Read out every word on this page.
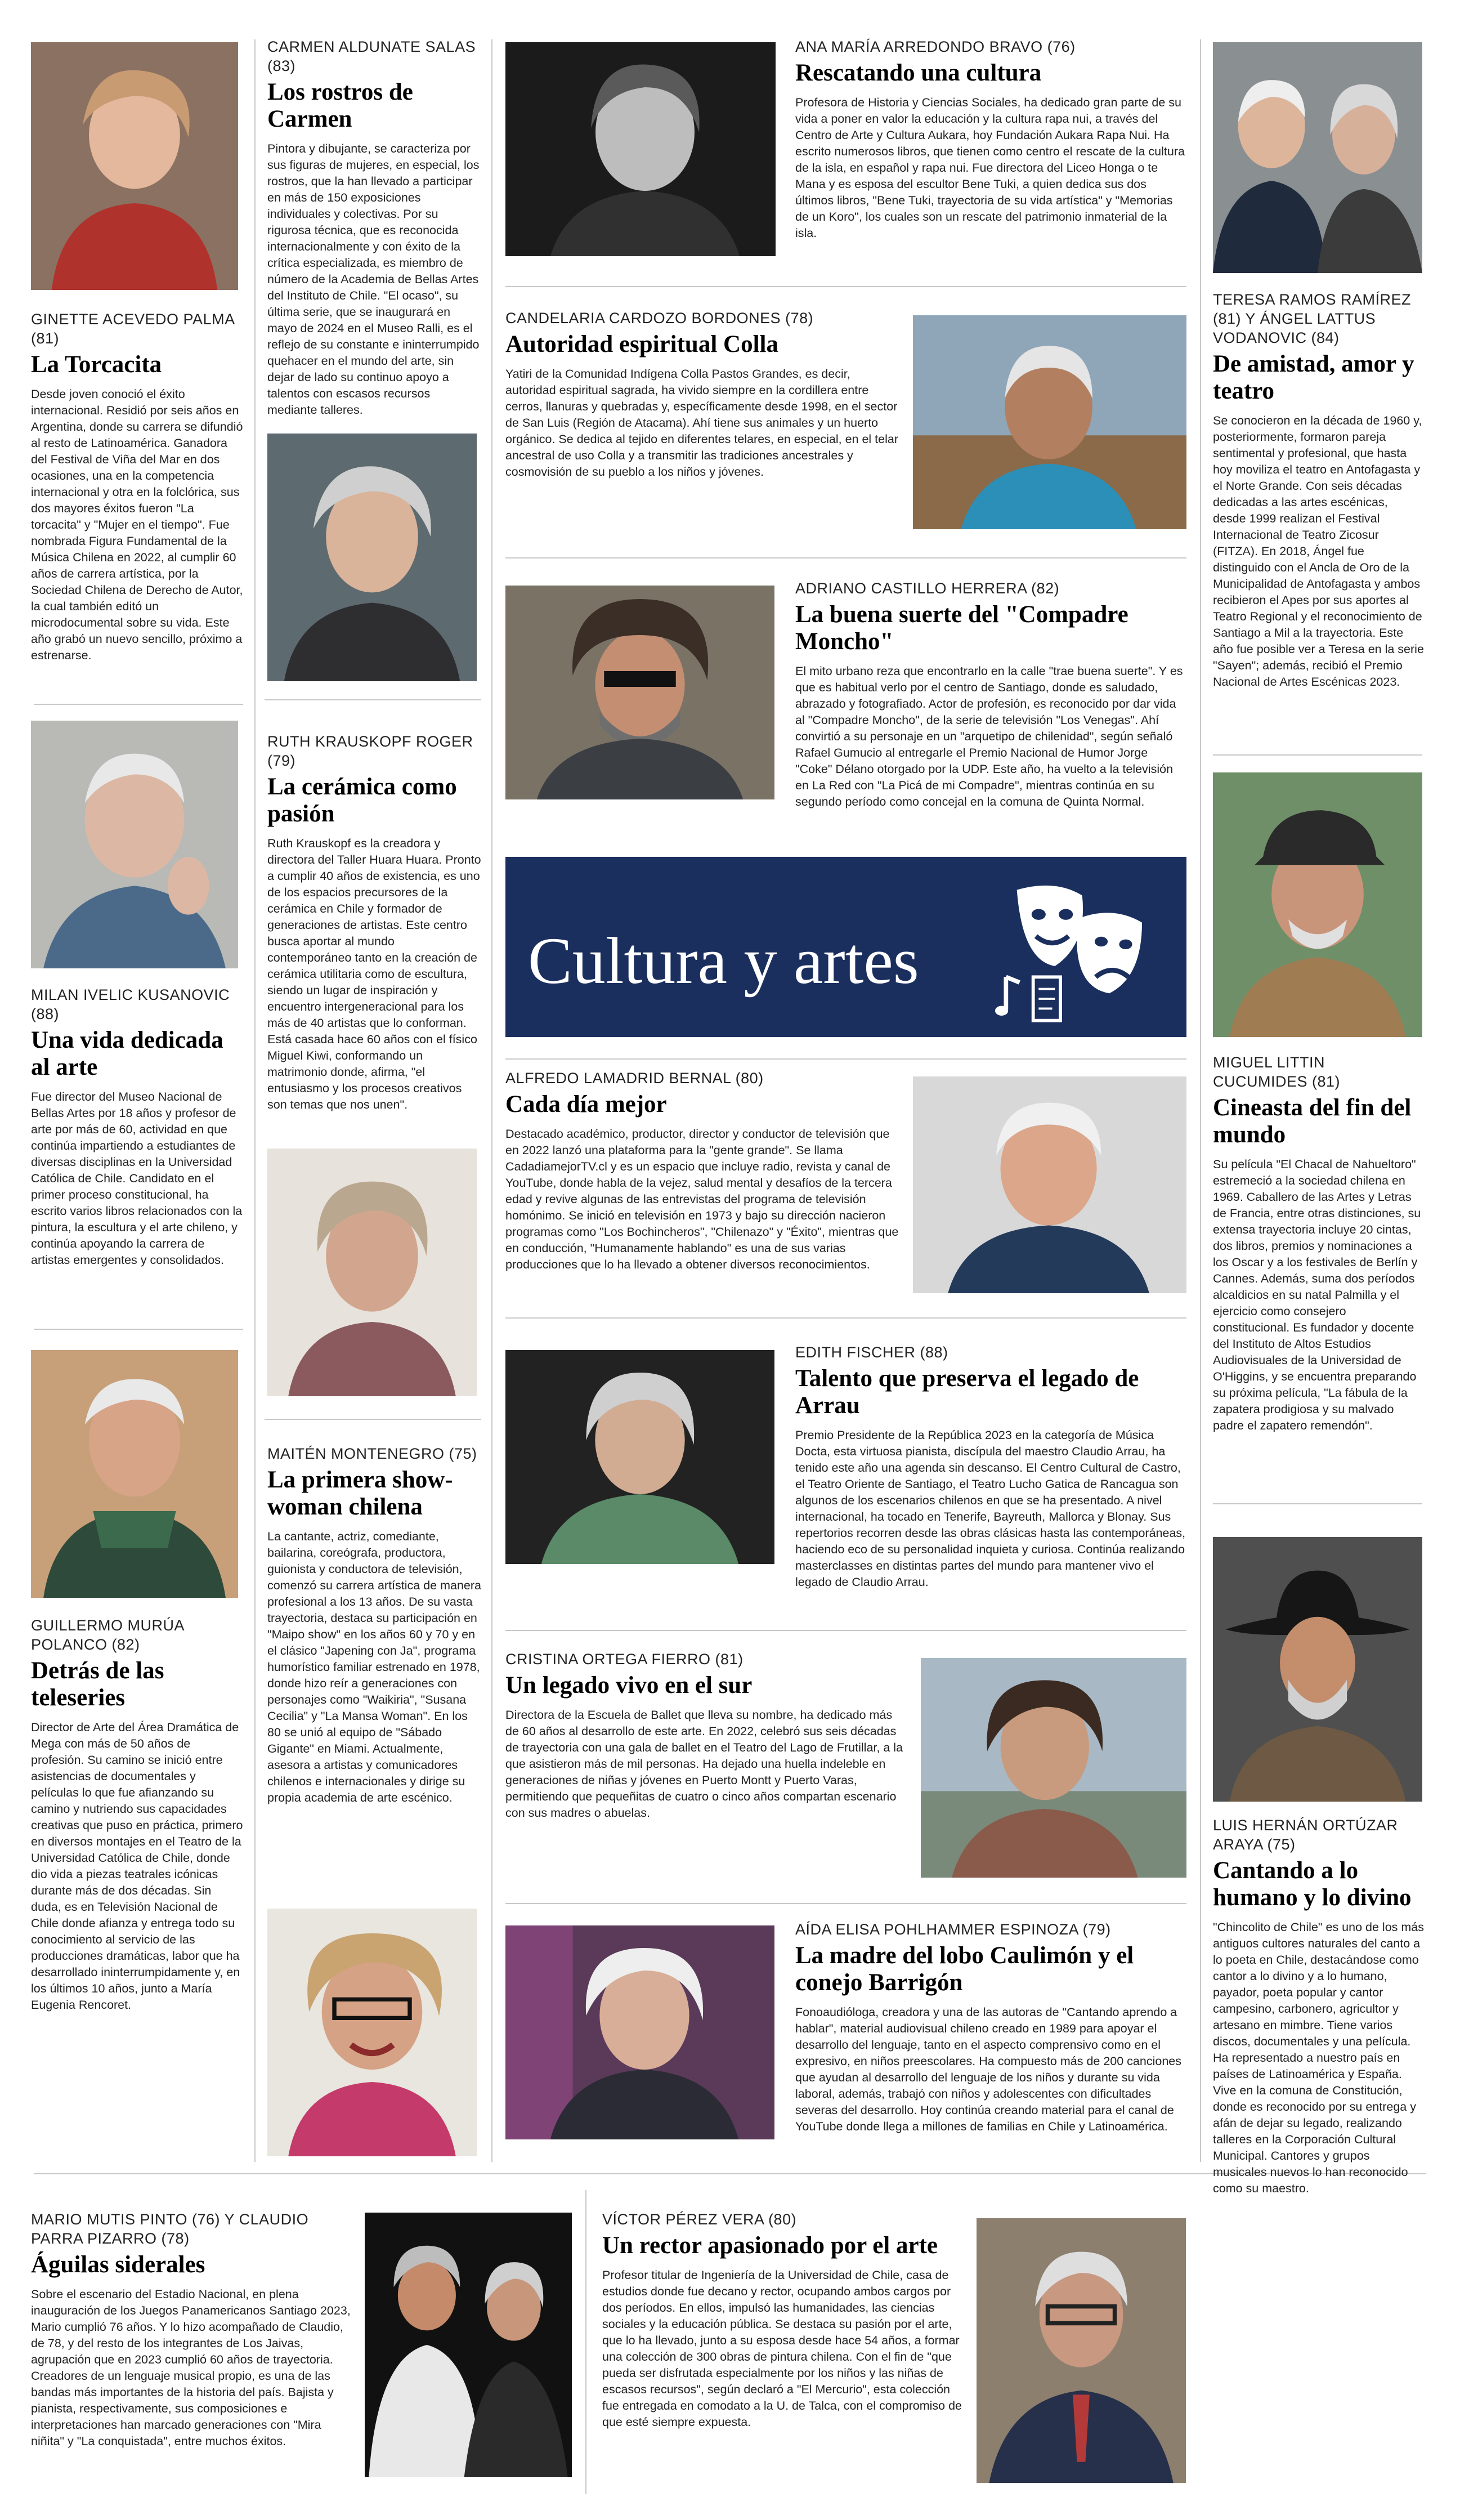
Cultura y artes

GINETTE ACEVEDO PALMA (81)

La Torcacita

Desde joven conoció el éxito internacional. Residió por seis años en Argentina, donde su carrera se difundió al resto de Latinoamérica. Ganadora del Festival de Viña del Mar en dos ocasiones, una en la competencia internacional y otra en la folclórica, sus dos mayores éxitos fueron "La torcacita" y "Mujer en el tiempo". Fue nombrada Figura Fundamental de la Música Chilena en 2022, al cumplir 60 años de carrera artística, por la Sociedad Chilena de Derecho de Autor, la cual también editó un microdocumental sobre su vida. Este año grabó un nuevo sencillo, próximo a estrenarse.

CARMEN ALDUNATE SALAS (83)

Los rostros de Carmen

Pintora y dibujante, se caracteriza por sus figuras de mujeres, en especial, los rostros, que la han llevado a participar en más de 150 exposiciones individuales y colectivas. Por su rigurosa técnica, que es reconocida internacionalmente y con éxito de la crítica especializada, es miembro de número de la Academia de Bellas Artes del Instituto de Chile. "El ocaso", su última serie, que se inaugurará en mayo de 2024 en el Museo Ralli, es el reflejo de su constante e ininterrumpido quehacer en el mundo del arte, sin dejar de lado su continuo apoyo a talentos con escasos recursos mediante talleres.

ANA MARÍA ARREDONDO BRAVO (76)

Rescatando una cultura

Profesora de Historia y Ciencias Sociales, ha dedicado gran parte de su vida a poner en valor la educación y la cultura rapa nui, a través del Centro de Arte y Cultura Aukara, hoy Fundación Aukara Rapa Nui. Ha escrito numerosos libros, que tienen como centro el rescate de la cultura de la isla, en español y rapa nui. Fue directora del Liceo Honga o te Mana y es esposa del escultor Bene Tuki, a quien dedica sus dos últimos libros, "Bene Tuki, trayectoria de su vida artística" y "Memorias de un Koro", los cuales son un rescate del patrimonio inmaterial de la isla.

TERESA RAMOS RAMÍREZ (81) Y ÁNGEL LATTUS VODANOVIC (84)

De amistad, amor y teatro

Se conocieron en la década de 1960 y, posteriormente, formaron pareja sentimental y profesional, que hasta hoy moviliza el teatro en Antofagasta y el Norte Grande. Con seis décadas dedicadas a las artes escénicas, desde 1999 realizan el Festival Internacional de Teatro Zicosur (FITZA). En 2018, Ángel fue distinguido con el Ancla de Oro de la Municipalidad de Antofagasta y ambos recibieron el Apes por sus aportes al Teatro Regional y el reconocimiento de Santiago a Mil a la trayectoria. Este año fue posible ver a Teresa en la serie "Sayen"; además, recibió el Premio Nacional de Artes Escénicas 2023.

CANDELARIA CARDOZO BORDONES (78)

Autoridad espiritual Colla

Yatiri de la Comunidad Indígena Colla Pastos Grandes, es decir, autoridad espiritual sagrada, ha vivido siempre en la cordillera entre cerros, llanuras y quebradas y, específicamente desde 1998, en el sector de San Luis (Región de Atacama). Ahí tiene sus animales y un huerto orgánico. Se dedica al tejido en diferentes telares, en especial, en el telar ancestral de uso Colla y a transmitir las tradiciones ancestrales y cosmovisión de su pueblo a los niños y jóvenes.

ADRIANO CASTILLO HERRERA (82)

La buena suerte del "Compadre Moncho"

El mito urbano reza que encontrarlo en la calle "trae buena suerte". Y es que es habitual verlo por el centro de Santiago, donde es saludado, abrazado y fotografiado. Actor de profesión, es reconocido por dar vida al "Compadre Moncho", de la serie de televisión "Los Venegas". Ahí convirtió a su personaje en un "arquetipo de chilenidad", según señaló Rafael Gumucio al entregarle el Premio Nacional de Humor Jorge "Coke" Délano otorgado por la UDP. Este año, ha vuelto a la televisión en La Red con "La Picá de mi Compadre", mientras continúa en su segundo período como concejal en la comuna de Quinta Normal.

RUTH KRAUSKOPF ROGER (79)

La cerámica como pasión

Ruth Krauskopf es la creadora y directora del Taller Huara Huara. Pronto a cumplir 40 años de existencia, es uno de los espacios precursores de la cerámica en Chile y formador de generaciones de artistas. Este centro busca aportar al mundo contemporáneo tanto en la creación de cerámica utilitaria como de escultura, siendo un lugar de inspiración y encuentro intergeneracional para los más de 40 artistas que lo conforman. Está casada hace 60 años con el físico Miguel Kiwi, conformando un matrimonio donde, afirma, "el entusiasmo y los procesos creativos son temas que nos unen".

MILAN IVELIC KUSANOVIC (88)

Una vida dedicada al arte

Fue director del Museo Nacional de Bellas Artes por 18 años y profesor de arte por más de 60, actividad en que continúa impartiendo a estudiantes de diversas disciplinas en la Universidad Católica de Chile. Candidato en el primer proceso constitucional, ha escrito varios libros relacionados con la pintura, la escultura y el arte chileno, y continúa apoyando la carrera de artistas emergentes y consolidados.

ALFREDO LAMADRID BERNAL (80)

Cada día mejor

Destacado académico, productor, director y conductor de televisión que en 2022 lanzó una plataforma para la "gente grande". Se llama CadadiamejorTV.cl y es un espacio que incluye radio, revista y canal de YouTube, donde habla de la vejez, salud mental y desafíos de la tercera edad y revive algunas de las entrevistas del programa de televisión homónimo. Se inició en televisión en 1973 y bajo su dirección nacieron programas como "Los Bochincheros", "Chilenazo" y "Éxito", mientras que en conducción, "Humanamente hablando" es una de sus varias producciones que lo ha llevado a obtener diversos reconocimientos.

MIGUEL LITTIN CUCUMIDES (81)

Cineasta del fin del mundo

Su película "El Chacal de Nahueltoro" estremeció a la sociedad chilena en 1969. Caballero de las Artes y Letras de Francia, entre otras distinciones, su extensa trayectoria incluye 20 cintas, dos libros, premios y nominaciones a los Oscar y a los festivales de Berlín y Cannes. Además, suma dos períodos alcaldicios en su natal Palmilla y el ejercicio como consejero constitucional. Es fundador y docente del Instituto de Altos Estudios Audiovisuales de la Universidad de O'Higgins, y se encuentra preparando su próxima película, "La fábula de la zapatera prodigiosa y su malvado padre el zapatero remendón".

EDITH FISCHER (88)

Talento que preserva el legado de Arrau

Premio Presidente de la República 2023 en la categoría de Música Docta, esta virtuosa pianista, discípula del maestro Claudio Arrau, ha tenido este año una agenda sin descanso. El Centro Cultural de Castro, el Teatro Oriente de Santiago, el Teatro Lucho Gatica de Rancagua son algunos de los escenarios chilenos en que se ha presentado. A nivel internacional, ha tocado en Tenerife, Bayreuth, Mallorca y Blonay. Sus repertorios recorren desde las obras clásicas hasta las contemporáneas, haciendo eco de su personalidad inquieta y curiosa. Continúa realizando masterclasses en distintas partes del mundo para mantener vivo el legado de Claudio Arrau.

GUILLERMO MURÚA POLANCO (82)

Detrás de las teleseries

Director de Arte del Área Dramática de Mega con más de 50 años de profesión. Su camino se inició entre asistencias de documentales y películas lo que fue afianzando su camino y nutriendo sus capacidades creativas que puso en práctica, primero en diversos montajes en el Teatro de la Universidad Católica de Chile, donde dio vida a piezas teatrales icónicas durante más de dos décadas. Sin duda, es en Televisión Nacional de Chile donde afianza y entrega todo su conocimiento al servicio de las producciones dramáticas, labor que ha desarrollado ininterrumpidamente y, en los últimos 10 años, junto a María Eugenia Rencoret.

MAITÉN MONTENEGRO (75)

La primera show-woman chilena

La cantante, actriz, comediante, bailarina, coreógrafa, productora, guionista y conductora de televisión, comenzó su carrera artística de manera profesional a los 13 años. De su vasta trayectoria, destaca su participación en "Maipo show" en los años 60 y 70 y en el clásico "Japening con Ja", programa humorístico familiar estrenado en 1978, donde hizo reír a generaciones con personajes como "Waikiria", "Susana Cecilia" y "La Mansa Woman". En los 80 se unió al equipo de "Sábado Gigante" en Miami. Actualmente, asesora a artistas y comunicadores chilenos e internacionales y dirige su propia academia de arte escénico.

CRISTINA ORTEGA FIERRO (81)

Un legado vivo en el sur

Directora de la Escuela de Ballet que lleva su nombre, ha dedicado más de 60 años al desarrollo de este arte. En 2022, celebró sus seis décadas de trayectoria con una gala de ballet en el Teatro del Lago de Frutillar, a la que asistieron más de mil personas. Ha dejado una huella indeleble en generaciones de niñas y jóvenes en Puerto Montt y Puerto Varas, permitiendo que pequeñitas de cuatro o cinco años compartan escenario con sus madres o abuelas.

LUIS HERNÁN ORTÚZAR ARAYA (75)

Cantando a lo humano y lo divino

"Chincolito de Chile" es uno de los más antiguos cultores naturales del canto a lo poeta en Chile, destacándose como cantor a lo divino y a lo humano, payador, poeta popular y cantor campesino, carbonero, agricultor y artesano en mimbre. Tiene varios discos, documentales y una película. Ha representado a nuestro país en países de Latinoamérica y España. Vive en la comuna de Constitución, donde es reconocido por su entrega y afán de dejar su legado, realizando talleres en la Corporación Cultural Municipal. Cantores y grupos musicales nuevos lo han reconocido como su maestro.

AÍDA ELISA POHLHAMMER ESPINOZA (79)

La madre del lobo Caulimón y el conejo Barrigón

Fonoaudióloga, creadora y una de las autoras de "Cantando aprendo a hablar", material audiovisual chileno creado en 1989 para apoyar el desarrollo del lenguaje, tanto en el aspecto comprensivo como en el expresivo, en niños preescolares. Ha compuesto más de 200 canciones que ayudan al desarrollo del lenguaje de los niños y durante su vida laboral, además, trabajó con niños y adolescentes con dificultades severas del desarrollo. Hoy continúa creando material para el canal de YouTube donde llega a millones de familias en Chile y Latinoamérica.

MARIO MUTIS PINTO (76) Y CLAUDIO PARRA PIZARRO (78)

Águilas siderales

Sobre el escenario del Estadio Nacional, en plena inauguración de los Juegos Panamericanos Santiago 2023, Mario cumplió 76 años. Y lo hizo acompañado de Claudio, de 78, y del resto de los integrantes de Los Jaivas, agrupación que en 2023 cumplió 60 años de trayectoria. Creadores de un lenguaje musical propio, es una de las bandas más importantes de la historia del país. Bajista y pianista, respectivamente, sus composiciones e interpretaciones han marcado generaciones con "Mira niñita" y "La conquistada", entre muchos éxitos.

VÍCTOR PÉREZ VERA (80)

Un rector apasionado por el arte

Profesor titular de Ingeniería de la Universidad de Chile, casa de estudios donde fue decano y rector, ocupando ambos cargos por dos períodos. En ellos, impulsó las humanidades, las ciencias sociales y la educación pública. Se destaca su pasión por el arte, que lo ha llevado, junto a su esposa desde hace 54 años, a formar una colección de 300 obras de pintura chilena. Con el fin de "que pueda ser disfrutada especialmente por los niños y las niñas de escasos recursos", según declaró a "El Mercurio", esta colección fue entregada en comodato a la U. de Talca, con el compromiso de que esté siempre expuesta.
